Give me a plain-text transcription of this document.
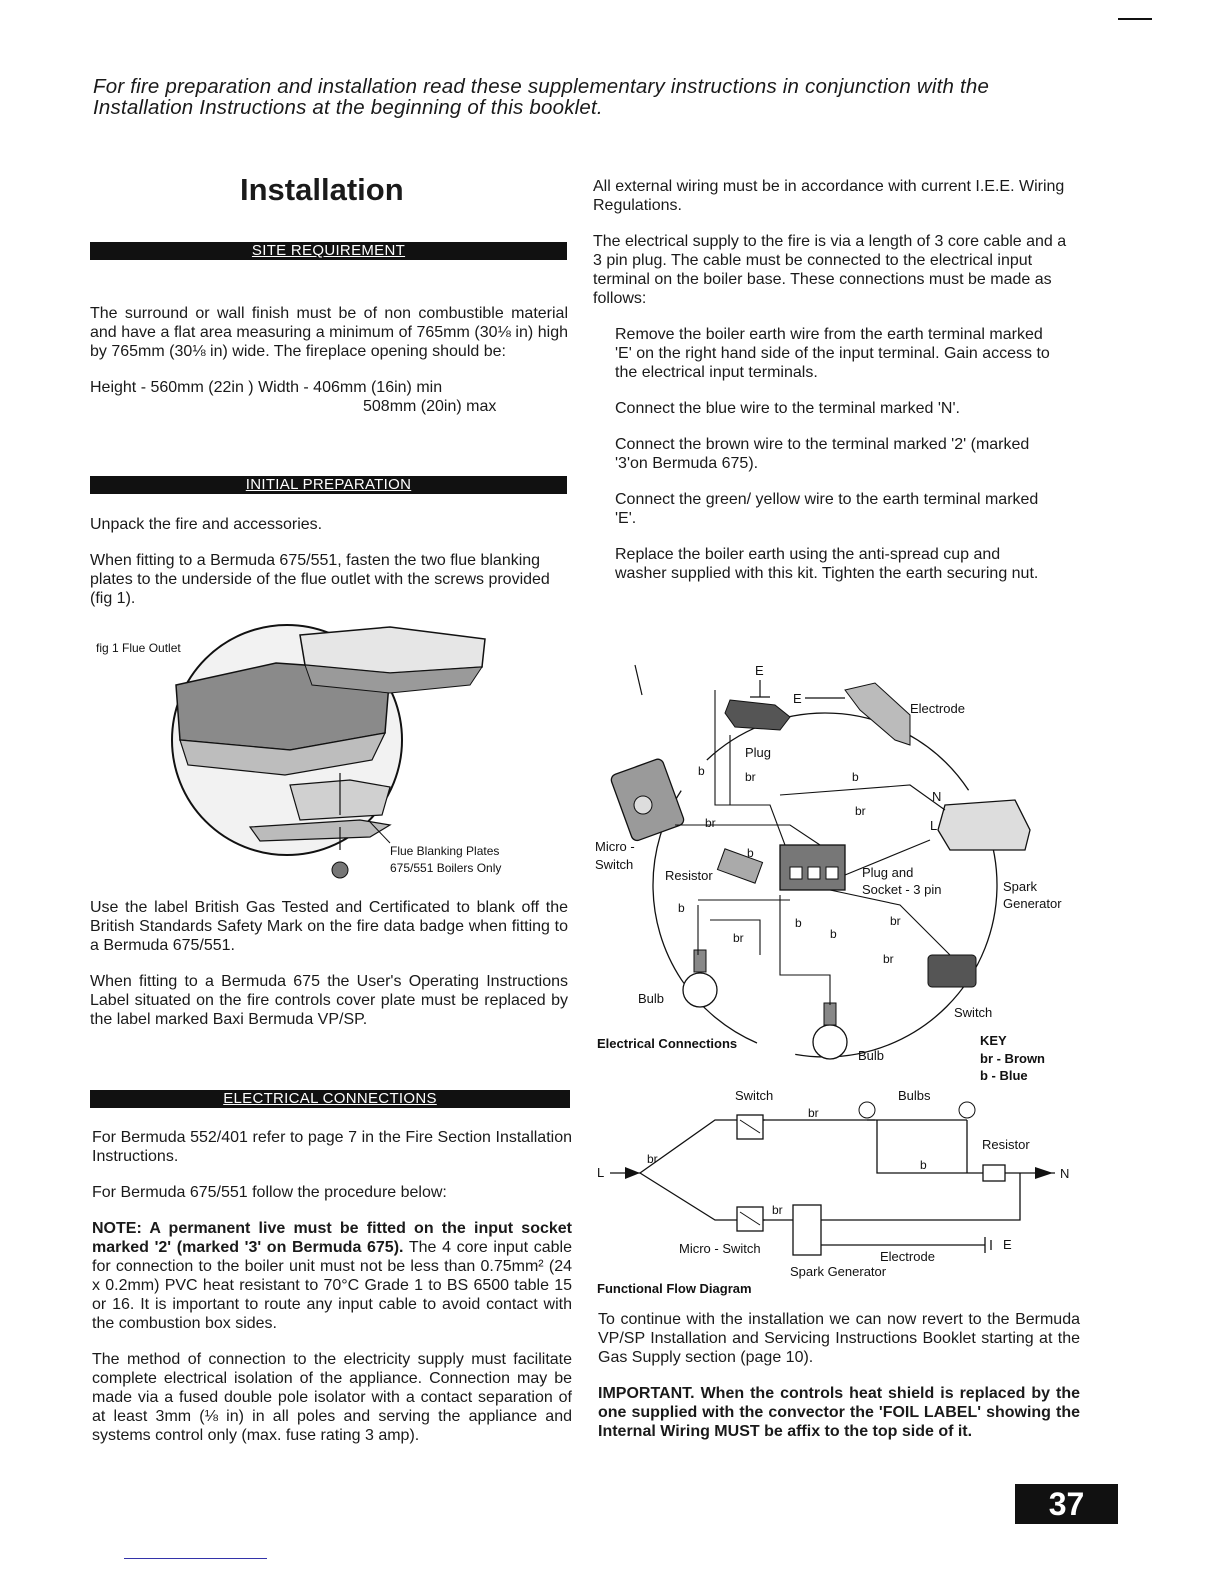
For fire preparation and installation read these supplementary instructions in conjunction with the Installation Instructions at the beginning of this booklet.
Installation
SITE REQUIREMENT

The surround or wall finish must be of non combustible material and have a flat area measuring a minimum of 765mm (30⅛ in) high by 765mm (30⅛ in) wide. The fireplace opening should be:

Height - 560mm (22in ) Width - 406mm (16in) min
508mm (20in) max
INITIAL PREPARATION

Unpack the fire and accessories.

When fitting to a Bermuda 675/551, fasten the two flue blanking plates to the underside of the flue outlet with the screws provided (fig 1).

fig 1 Flue Outlet
Flue Blanking Plates
675/551 Boilers Only

Use the label British Gas Tested and Certificated to blank off the British Standards Safety Mark on the fire data badge when fitting to a Bermuda 675/551.

When fitting to a Bermuda 675 the User's Operating Instructions Label situated on the fire controls cover plate must be replaced by the label marked Baxi Bermuda VP/SP.

ELECTRICAL CONNECTIONS

For Bermuda 552/401 refer to page 7 in the Fire Section Installation Instructions.

For Bermuda 675/551 follow the procedure below:

NOTE: A permanent live must be fitted on the input socket marked '2' (marked '3' on Bermuda 675). The 4 core input cable for connection to the boiler unit must not be less than 0.75mm² (24 x 0.2mm) PVC heat resistant to 70°C Grade 1 to BS 6500 table 15 or 16. It is important to route any input cable to avoid contact with the combustion box sides.

The method of connection to the electricity supply must facilitate complete electrical isolation of the appliance. Connection may be made via a fused double pole isolator with a contact separation of at least 3mm (⅛ in) in all poles and serving the appliance and systems control only (max. fuse rating 3 amp).

All external wiring must be in accordance with current I.E.E. Wiring Regulations.

The electrical supply to the fire is via a length of 3 core cable and a 3 pin plug. The cable must be connected to the electrical input terminal on the boiler base. These connections must be made as follows:

Remove the boiler earth wire from the earth terminal marked 'E' on the right hand side of the input terminal. Gain access to the electrical input terminals.

Connect the blue wire to the terminal marked 'N'.

Connect the brown wire to the terminal marked '2' (marked '3'on Bermuda 675).

Connect the green/ yellow wire to the earth terminal marked 'E'.

Replace the boiler earth using the anti-spread cup and washer supplied with this kit. Tighten the earth securing nut.

E
Plug
E
Electrode
Micro -
Switch
Resistor	Plug and
Socket - 3 pin
N
L
Spark
Generator
Switch
Bulb
Bulb
b	br	b
br
br
b
b
b
b
br
br
br
Electrical Connections	KEY
br - Brown
b - Blue
Switch	Bulbs
Resistor
L
br
br
b
N
br
E
Micro - Switch
Electrode
Spark Generator
Functional Flow Diagram

To continue with the installation we can now revert to the Bermuda VP/SP Installation and Servicing Instructions Booklet starting at the Gas Supply section (page 10).

IMPORTANT. When the controls heat shield is replaced by the one supplied with the convector the 'FOIL LABEL' showing the Internal Wiring MUST be affix to the top side of it.

37
